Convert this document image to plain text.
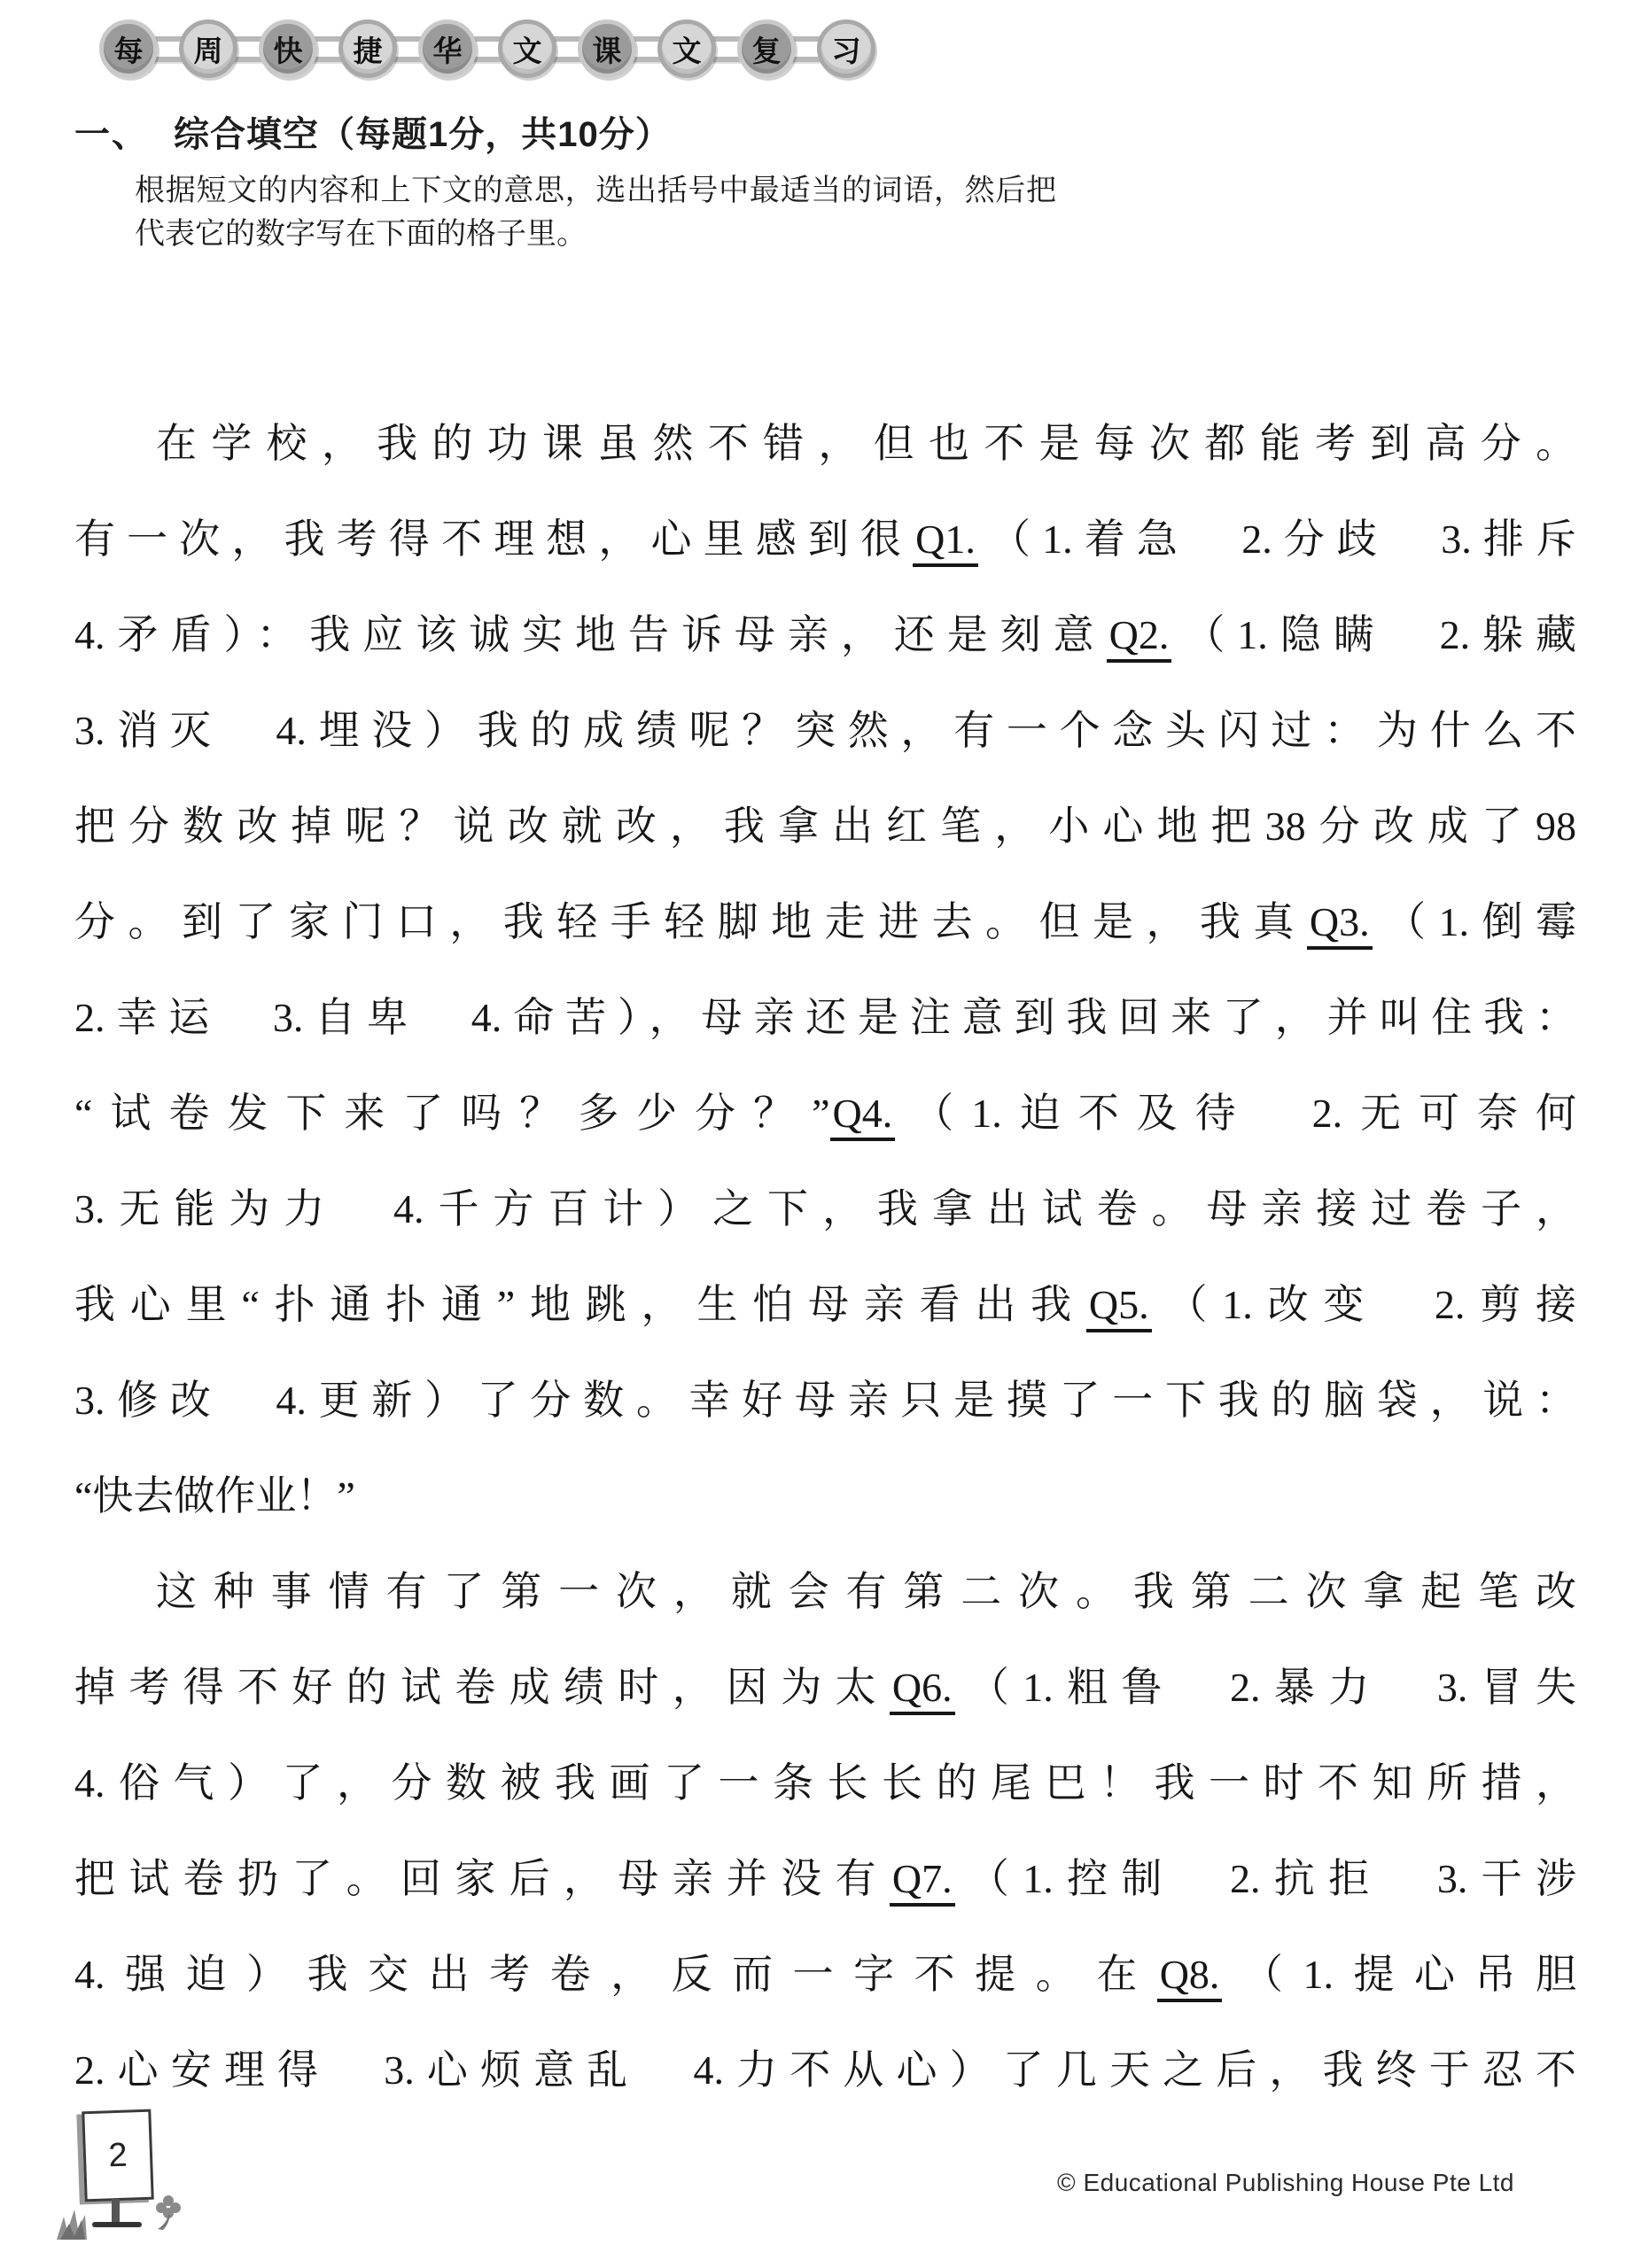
每	周	快	捷	华	文	课	文	复	习
一、 综合填空（每题1分，共10分）

根据短文的内容和上下文的意思，选出括号中最适当的词语，然后把代表它的数字写在下面的格子里。

在学校，我的功课虽然不错，但也不是每次都能考到高分。
有一次，我考得不理想，心里感到很Q1.（1.着急　2.分歧　3.排斥
4.矛盾）：我应该诚实地告诉母亲，还是刻意Q2.（1.隐瞒　2.躲藏
3.消灭　4.埋没）我的成绩呢？突然，有一个念头闪过：为什么不
把分数改掉呢？说改就改，我拿出红笔，小心地把38分改成了98
分。到了家门口，我轻手轻脚地走进去。但是，我真Q3.（1.倒霉
2.幸运　3.自卑　4.命苦），母亲还是注意到我回来了，并叫住我：
“试卷发下来了吗？多少分？”Q4.（1.迫不及待　2.无可奈何
3.无能为力　4.千方百计）之下，我拿出试卷。母亲接过卷子，
我心里“扑通扑通”地跳，生怕母亲看出我Q5.（1.改变　2.剪接
3.修改　4.更新）了分数。幸好母亲只是摸了一下我的脑袋，说：
“快去做作业！”
这种事情有了第一次，就会有第二次。我第二次拿起笔改
掉考得不好的试卷成绩时，因为太Q6.（1.粗鲁　2.暴力　3.冒失
4.俗气）了，分数被我画了一条长长的尾巴！我一时不知所措，
把试卷扔了。回家后，母亲并没有Q7.（1.控制　2.抗拒　3.干涉
4.强迫）我交出考卷，反而一字不提。在Q8.（1.提心吊胆
2.心安理得　3.心烦意乱　4.力不从心）了几天之后，我终于忍不
2
© Educational Publishing House Pte Ltd
